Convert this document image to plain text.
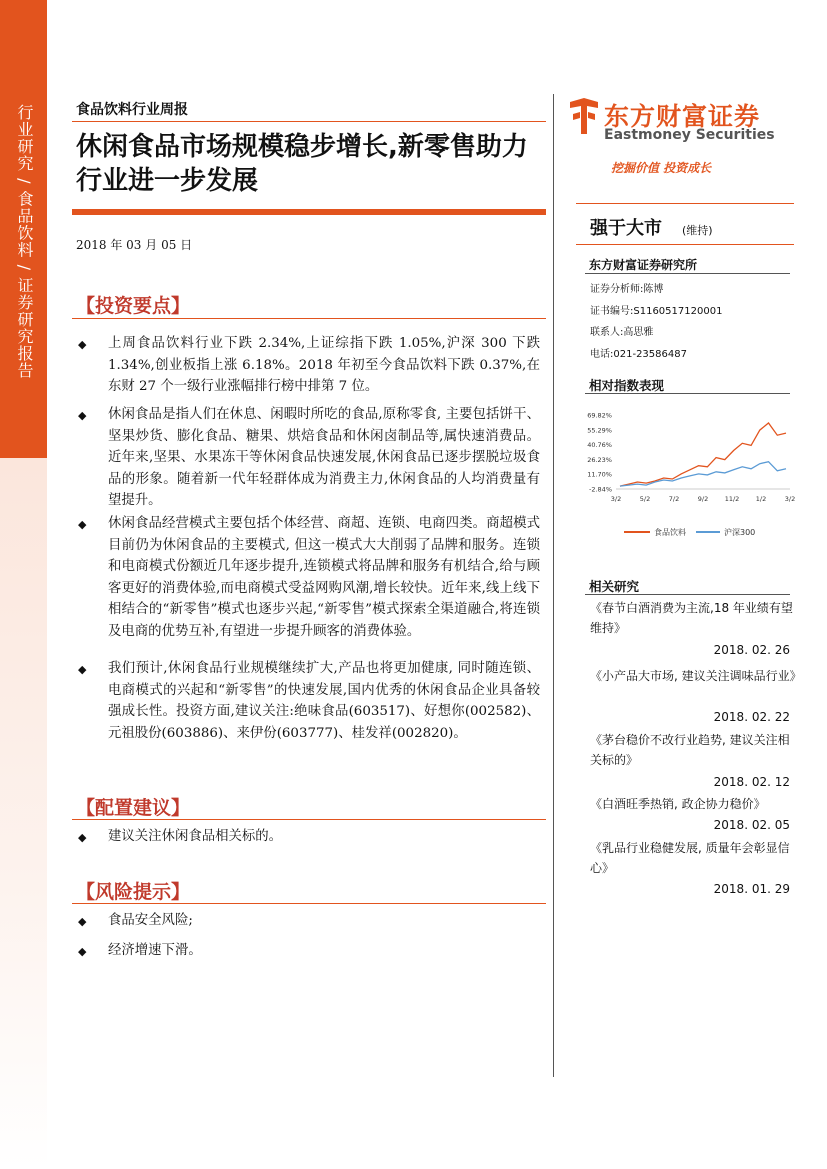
行业研究 / 食品饮料 / 证券研究报告	食品饮料行业周报
休闲食品市场规模稳步增长,新零售助力行业进一步发展
2018 年 03 月 05 日
【投资要点】
◆ 上周食品饮料行业下跌 2.34%,上证综指下跌 1.05%,沪深 300 下跌 1.34%,创业板指上涨 6.18%。2018 年初至今食品饮料下跌 0.37%,在东财 27 个一级行业涨幅排行榜中排第 7 位。

◆ 休闲食品是指人们在休息、闲暇时所吃的食品,原称零食, 主要包括饼干、坚果炒货、膨化食品、糖果、烘焙食品和休闲卤制品等,属快速消费品。近年来,坚果、水果冻干等休闲食品快速发展,休闲食品已逐步摆脱垃圾食品的形象。随着新一代年轻群体成为消费主力,休闲食品的人均消费量有望提升。

◆ 休闲食品经营模式主要包括个体经营、商超、连锁、电商四类。商超模式目前仍为休闲食品的主要模式, 但这一模式大大削弱了品牌和服务。连锁和电商模式份额近几年逐步提升,连锁模式将品牌和服务有机结合,给与顾客更好的消费体验,而电商模式受益网购风潮,增长较快。近年来,线上线下相结合的“新零售”模式也逐步兴起,“新零售”模式探索全渠道融合,将连锁及电商的优势互补,有望进一步提升顾客的消费体验。

◆ 我们预计,休闲食品行业规模继续扩大,产品也将更加健康, 同时随连锁、电商模式的兴起和“新零售”的快速发展,国内优秀的休闲食品企业具备较强成长性。投资方面,建议关注:绝味食品(603517)、好想你(002582)、元祖股份(603886)、来伊份(603777)、桂发祥(002820)。

【配置建议】
◆ 建议关注休闲食品相关标的。

【风险提示】
◆ 食品安全风险;

◆ 经济增速下滑。

东方财富证券
Eastmoney Securities
挖掘价值 投资成长
强于大市 (维持)
东方财富证券研究所
证券分析师:陈博
证书编号:S1160517120001
联系人:高思雅
电话:021-23586487
相对指数表现
69.82%
55.29%
40.76%
26.23%
11.70%
-2.84%
3/2	5/2	7/2	9/2	11/2	1/2	3/2
食品饮料	沪深300
相关研究

《春节白酒消费为主流,18 年业绩有望维持》

2018. 02. 26

《小产品大市场, 建议关注调味品行业》

2018. 02. 22

《茅台稳价不改行业趋势, 建议关注相关标的》

2018. 02. 12

《白酒旺季热销, 政企协力稳价》

2018. 02. 05

《乳品行业稳健发展, 质量年会彰显信心》

2018. 01. 29
